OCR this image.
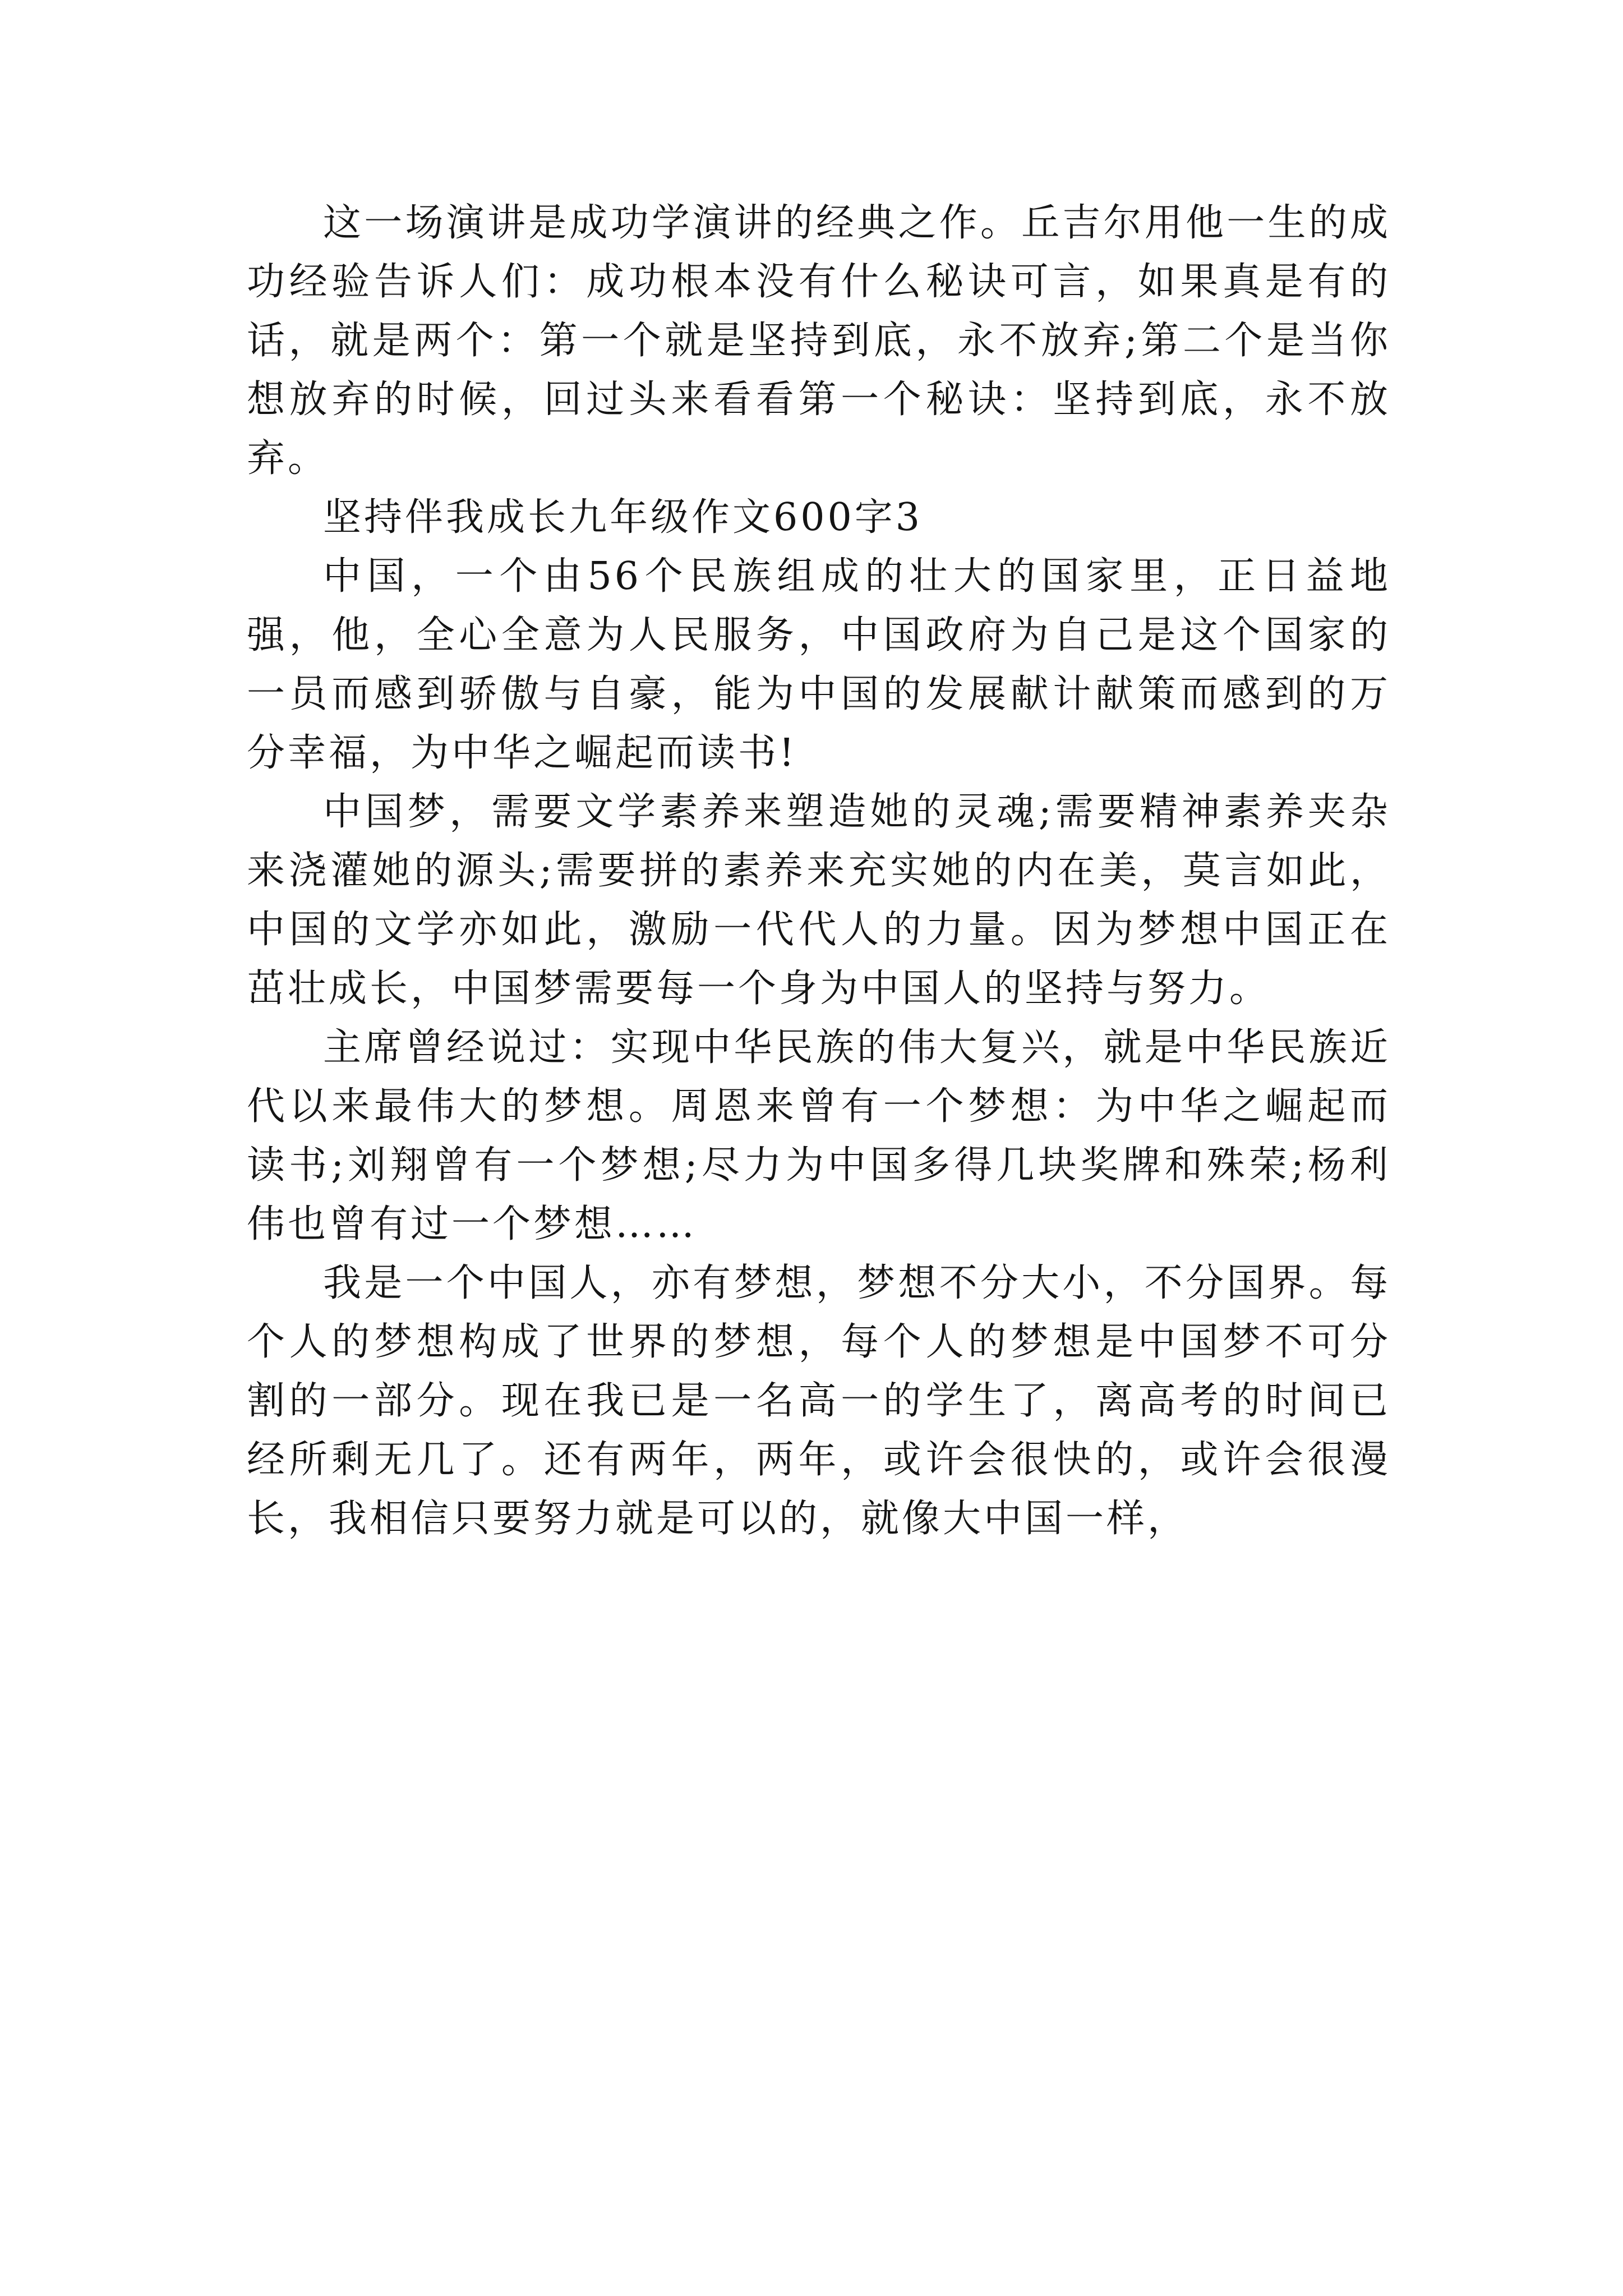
这一场演讲是成功学演讲的经典之作。丘吉尔用他一生的成功经验告诉人们：成功根本没有什么秘诀可言，如果真是有的话，就是两个：第一个就是坚持到底，永不放弃;第二个是当你想放弃的时候，回过头来看看第一个秘诀：坚持到底，永不放弃。

坚持伴我成长九年级作文600字3

中国，一个由56个民族组成的壮大的国家里，正日益地强，他，全心全意为人民服务，中国政府为自己是这个国家的一员而感到骄傲与自豪，能为中国的发展献计献策而感到的万分幸福，为中华之崛起而读书!

中国梦，需要文学素养来塑造她的灵魂;需要精神素养夹杂来浇灌她的源头;需要拼的素养来充实她的内在美，莫言如此，中国的文学亦如此，激励一代代人的力量。因为梦想中国正在茁壮成长，中国梦需要每一个身为中国人的坚持与努力。

主席曾经说过：实现中华民族的伟大复兴，就是中华民族近代以来最伟大的梦想。周恩来曾有一个梦想：为中华之崛起而读书;刘翔曾有一个梦想;尽力为中国多得几块奖牌和殊荣;杨利伟也曾有过一个梦想……

我是一个中国人，亦有梦想，梦想不分大小，不分国界。每个人的梦想构成了世界的梦想，每个人的梦想是中国梦不可分割的一部分。现在我已是一名高一的学生了，离高考的时间已经所剩无几了。还有两年，两年，或许会很快的，或许会很漫长，我相信只要努力就是可以的，就像大中国一样，
